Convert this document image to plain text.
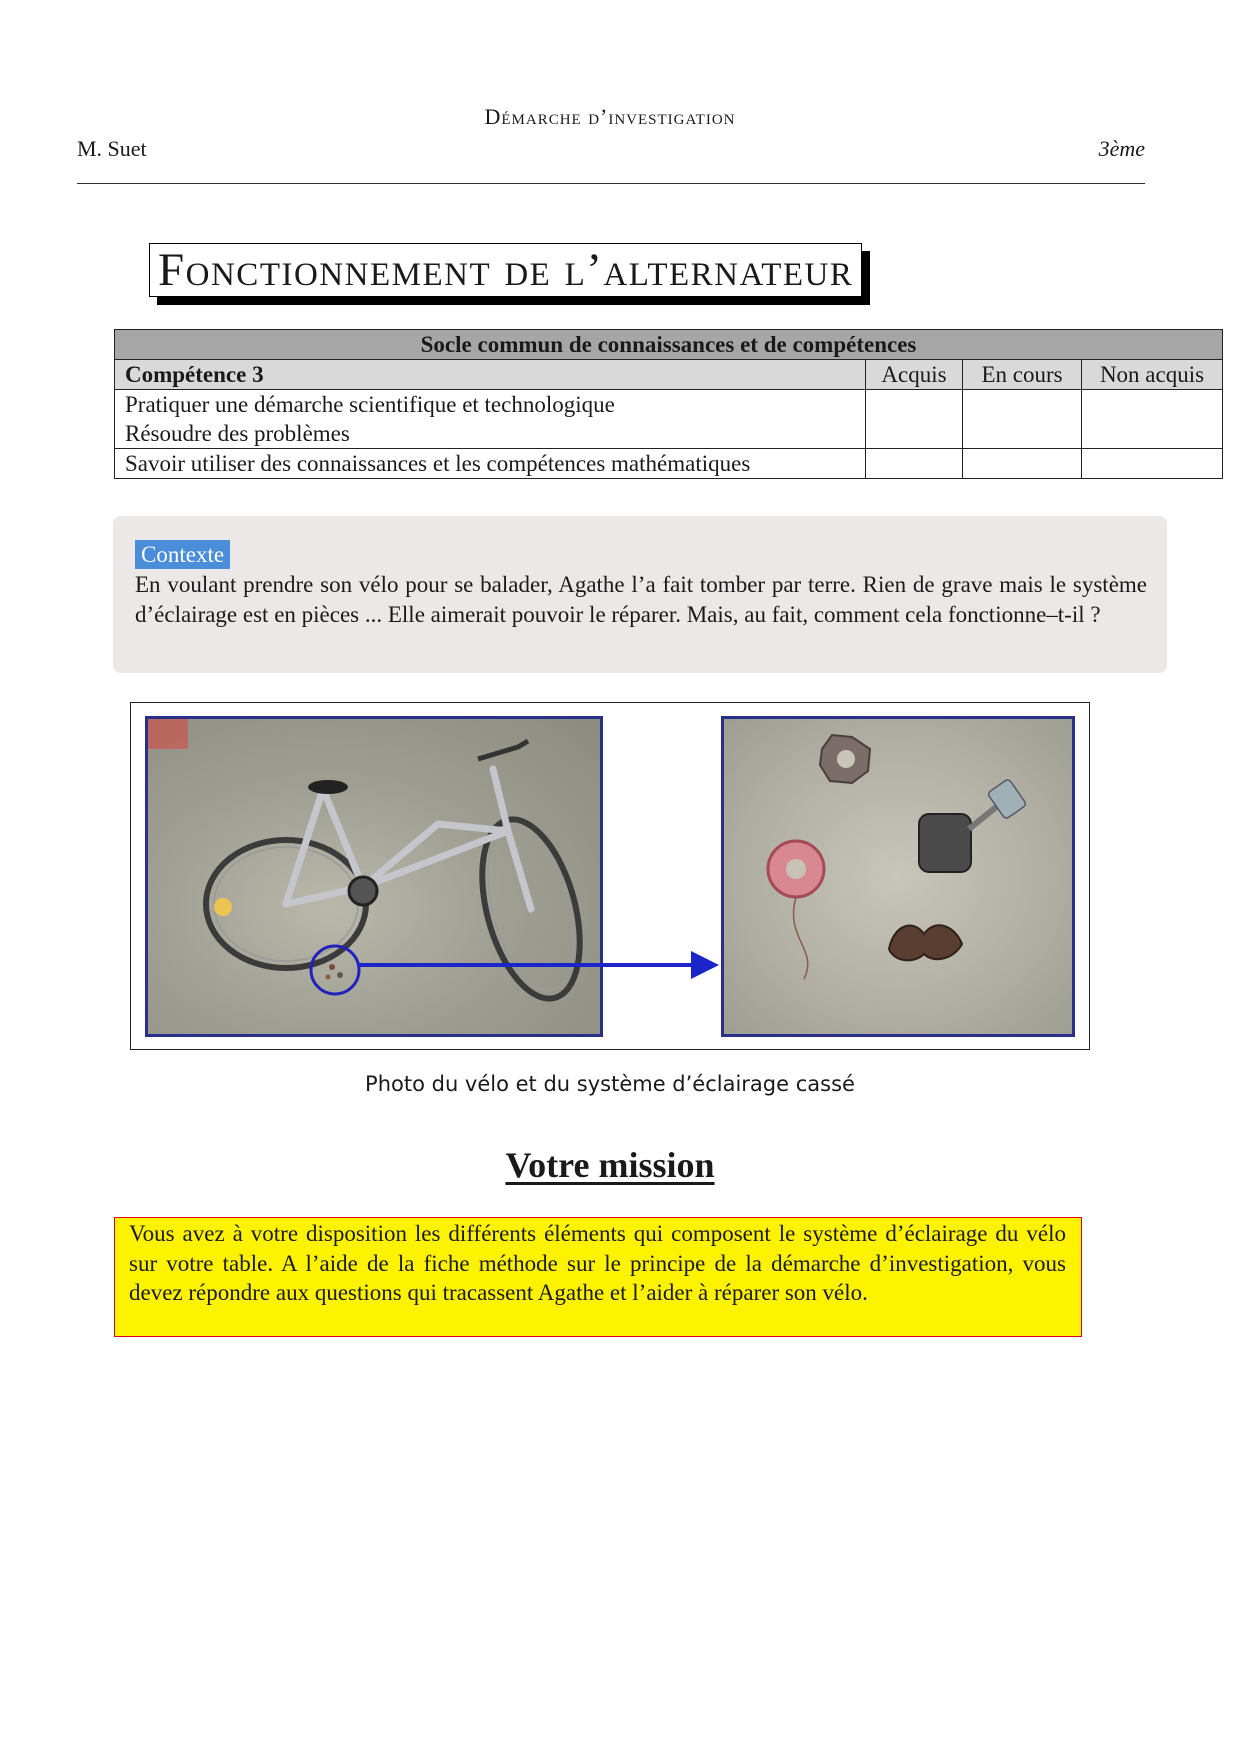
Démarche d’investigation
M. Suet	3ème
Fonctionnement de l’alternateur
Socle commun de connaissances et de compétences			
Compétence 3	Acquis	En cours	Non acquis

Pratiquer une démarche scientifique et technologique
Résoudre des problèmes			

Savoir utiliser des connaissances et les compétences mathématiques			
Contexte
En voulant prendre son vélo pour se balader, Agathe l’a fait tomber par terre. Rien de grave mais le système d’éclairage est en pièces ... Elle aimerait pouvoir le réparer. Mais, au fait, comment cela fonctionne–t-il ?
Photo du vélo et du système d’éclairage cassé
Votre mission
Vous avez à votre disposition les différents éléments qui composent le système d’éclairage du vélo sur votre table. A l’aide de la fiche méthode sur le principe de la démarche d’investigation, vous devez répondre aux questions qui tracassent Agathe et l’aider à réparer son vélo.
